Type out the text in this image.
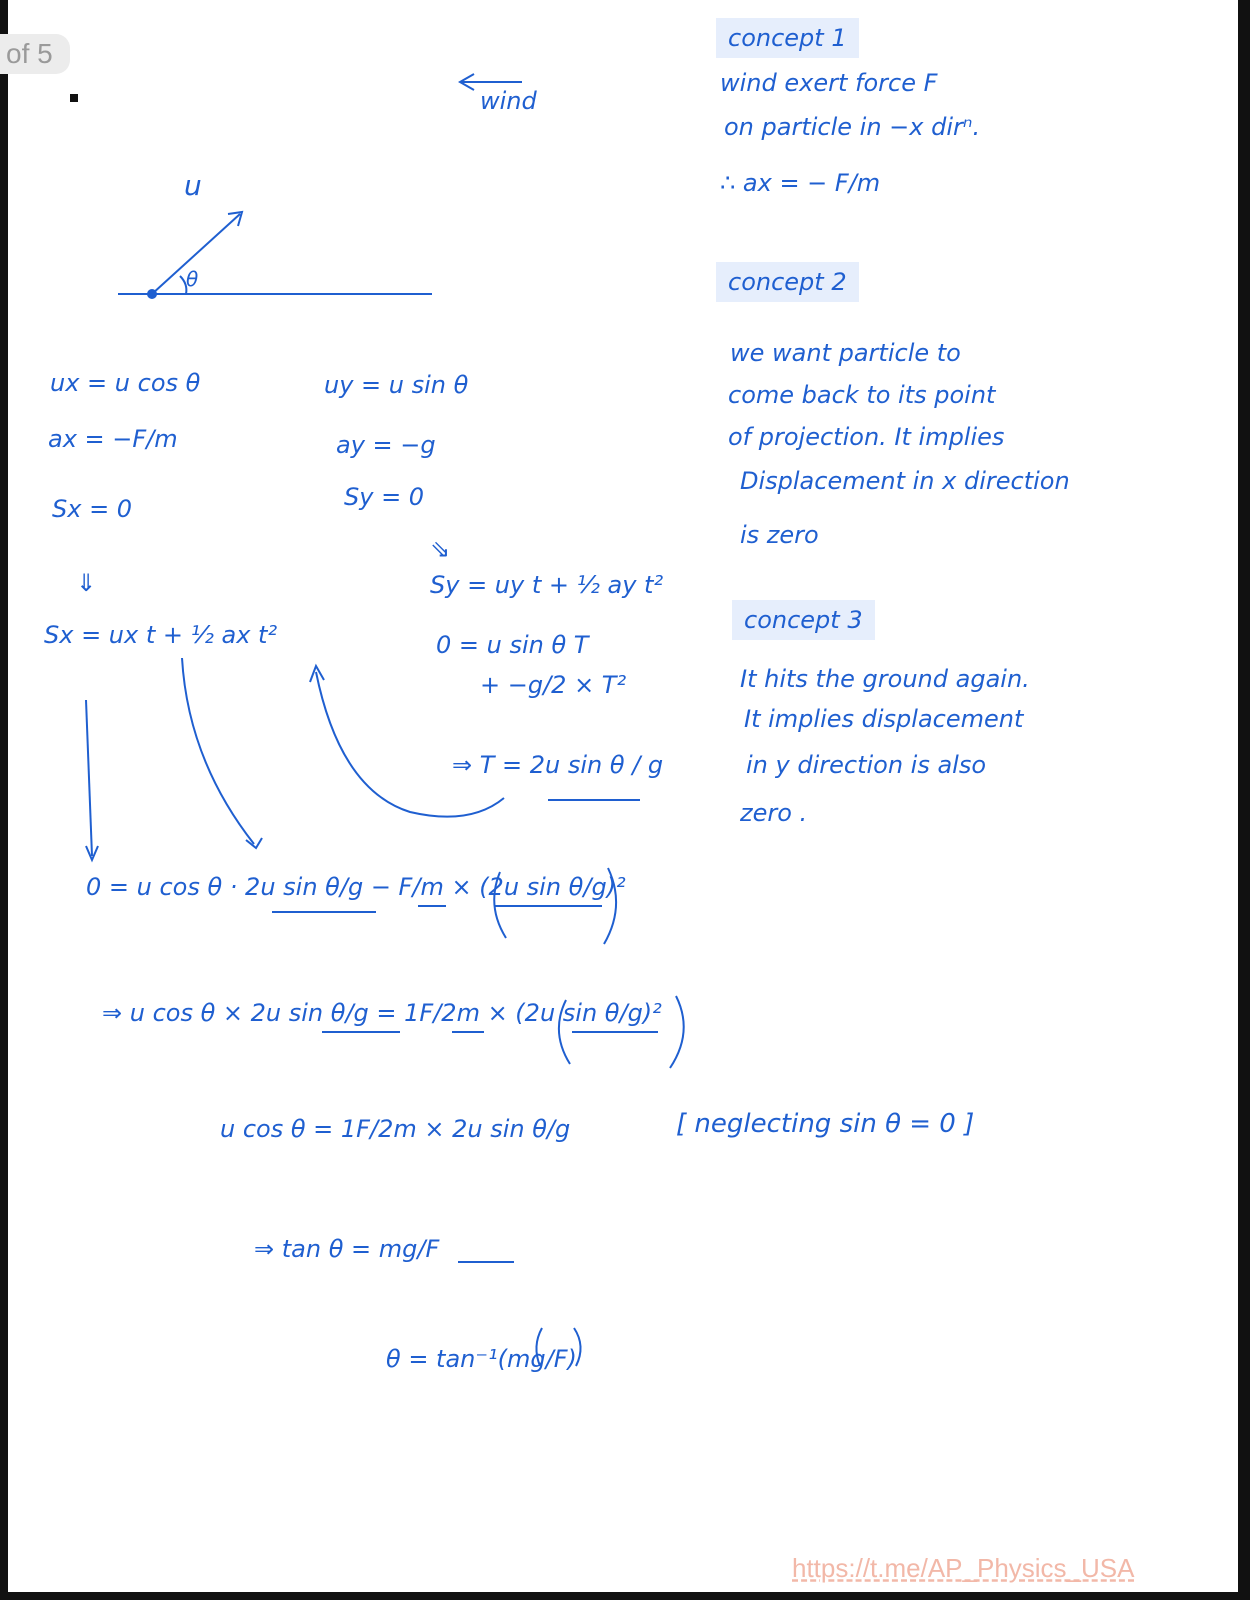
of 5
wind
u
θ
ux = u cos θ
ax = −F/m
Sx = 0
⇓
Sx = ux t + ½ ax t²
uy = u sin θ
ay = −g
Sy = 0
⇘
Sy = uy t + ½ ay t²
0 = u sin θ T
+ −g/2 × T²
⇒ T = 2u sin θ / g
0 = u cos θ · 2u sin θ/g − F/m × (2u sin θ/g)²
⇒ u cos θ × 2u sin θ/g = 1F/2m × (2u sin θ/g)²
u cos θ = 1F/2m × 2u sin θ/g	[ neglecting sin θ = 0 ]
⇒ tan θ = mg/F
θ = tan⁻¹(mg/F)
concept 1
wind exert force F
on particle in −x dirⁿ.
∴ ax = − F/m
concept 2
we want particle to
come back to its point
of projection. It implies
Displacement in x direction
is zero
concept 3
It hits the ground again.
It implies displacement
in y direction is also
zero .
https://t.me/AP_Physics_USA
